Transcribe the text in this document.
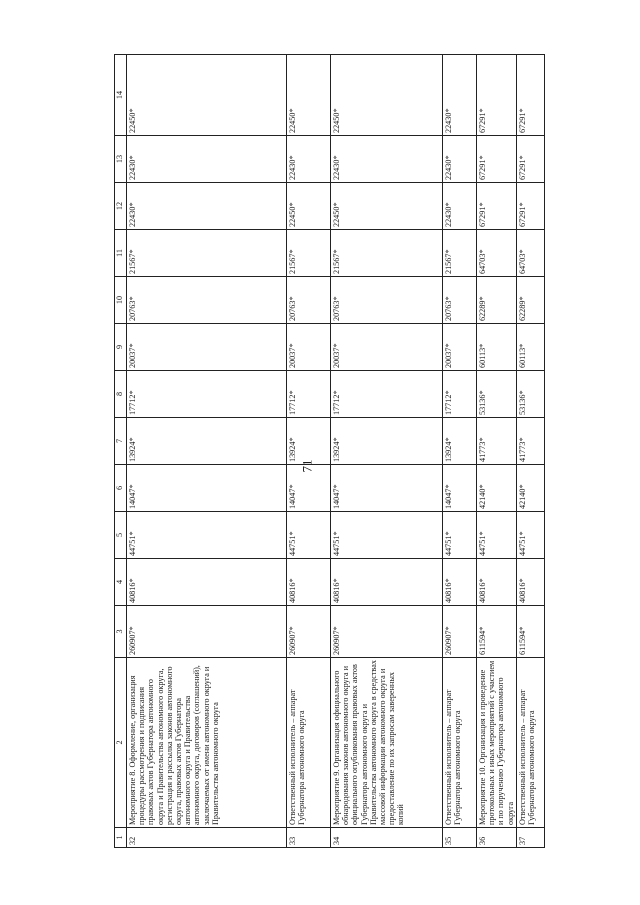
71
1	2	3	4	5	6	7	8	9	10	11	12	13	14
32	Мероприятие 8. Оформление, организация процедуры рассмотрения и подписания правовых актов Губернатора автономного округа и Правительства автономного округа, регистрация и рассылка законов автономного округа, правовых актов Губернатора автономного округа и Правительства автономного округа, договоров (соглашений), заключаемых от имени автономного округа и Правительства автономного округа	260907*	40816*	44751*	14047*	13924*	17712*	20037*	20763*	21567*	22430*	22430*	22450*
33	Ответственный исполнитель – аппарат Губернатора автономного округа	260907*	40816*	44751*	14047*	13924*	17712*	20037*	20763*	21567*	22450*	22430*	22450*
34	Мероприятие 9. Организация официального обнародования законов автономного округа и официального опубликования правовых актов Губернатора автономного округа и Правительства автономного округа в средствах массовой информации автономного округа и предоставление по их запросам заверенных копий	260907*	40816*	44751*	14047*	13924*	17712*	20037*	20763*	21567*	22450*	22430*	22450*
35	Ответственный исполнитель – аппарат Губернатора автономного округа	260907*	40816*	44751*	14047*	13924*	17712*	20037*	20763*	21567*	22430*	22430*	22430*
36	Мероприятие 10. Организация и проведение протокольных и иных мероприятий с участием и по поручению Губернатора автономного округа	611594*	40816*	44751*	42140*	41773*	53136*	60113*	62289*	64703*	67291*	67291*	67291*
37	Ответственный исполнитель – аппарат Губернатора автономного округа	611594*	40816*	44751*	42140*	41773*	53136*	60113*	62289*	64703*	67291*	67291*	67291*
